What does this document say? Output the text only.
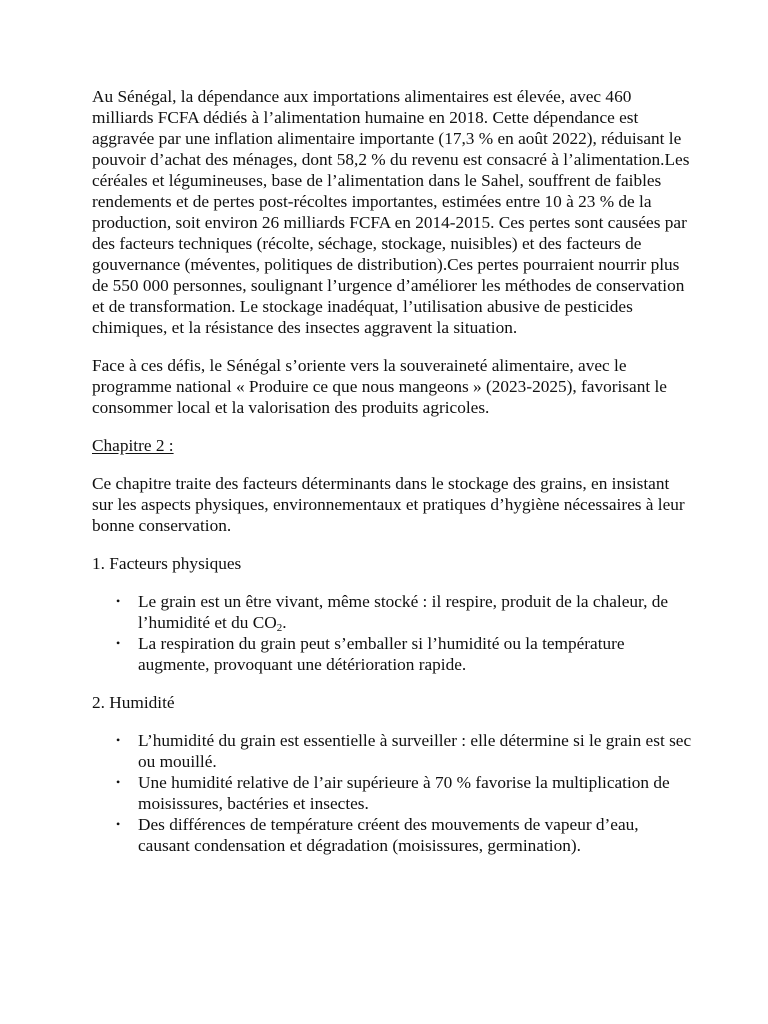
Au Sénégal, la dépendance aux importations alimentaires est élevée, avec 460 milliards FCFA dédiés à l’alimentation humaine en 2018. Cette dépendance est aggravée par une inflation alimentaire importante (17,3 % en août 2022), réduisant le pouvoir d’achat des ménages, dont 58,2 % du revenu est consacré à l’alimentation.Les céréales et légumineuses, base de l’alimentation dans le Sahel, souffrent de faibles rendements et de pertes post-récoltes importantes, estimées entre 10 à 23 % de la production, soit environ 26 milliards FCFA en 2014-2015. Ces pertes sont causées par des facteurs techniques (récolte, séchage, stockage, nuisibles) et des facteurs de gouvernance (méventes, politiques de distribution).Ces pertes pourraient nourrir plus de 550 000 personnes, soulignant l’urgence d’améliorer les méthodes de conservation et de transformation. Le stockage inadéquat, l’utilisation abusive de pesticides chimiques, et la résistance des insectes aggravent la situation.

Face à ces défis, le Sénégal s’oriente vers la souveraineté alimentaire, avec le programme national « Produire ce que nous mangeons » (2023-2025), favorisant le consommer local et la valorisation des produits agricoles.

Chapitre 2 :

Ce chapitre traite des facteurs déterminants dans le stockage des grains, en insistant sur les aspects physiques, environnementaux et pratiques d’hygiène nécessaires à leur bonne conservation.

1. Facteurs physiques

• Le grain est un être vivant, même stocké : il respire, produit de la chaleur, de l’humidité et du $CO_2$.
• La respiration du grain peut s’emballer si l’humidité ou la température augmente, provoquant une détérioration rapide.

2. Humidité

• L’humidité du grain est essentielle à surveiller : elle détermine si le grain est sec ou mouillé.
• Une humidité relative de l’air supérieure à 70 % favorise la multiplication de moisissures, bactéries et insectes.
• Des différences de température créent des mouvements de vapeur d’eau, causant condensation et dégradation (moisissures, germination).
